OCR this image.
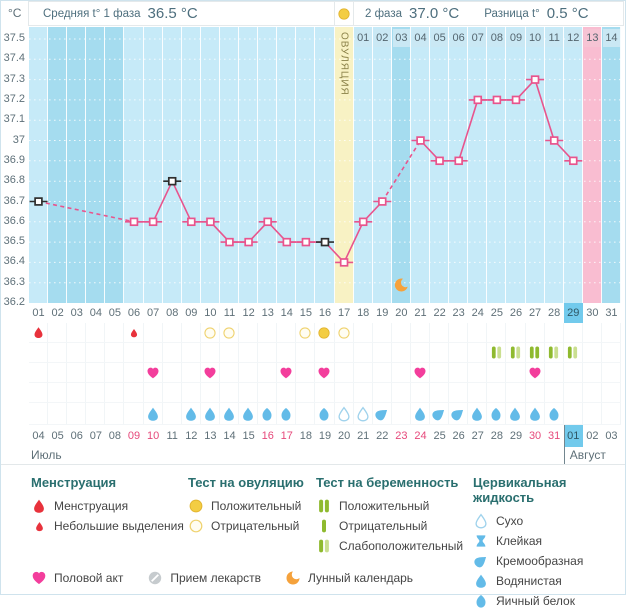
°C Средняя t° 1 фаза 36.5 °C	2 фаза 37.0 °C Разница t° 0.5 °C
37.5
37.4
37.3
37.2
37.1
37
36.9
36.8
36.7
36.6
36.5
36.4
36.3
36.2
01 02 03 04 05 06 07 08 09 10 11 12 13 14
ОВУЛЯЦИЯ
01 02 03 04 05 06 07 08 09 10 11 12 13 14 15 16 17 18 19 20 21 22 23 24 25 26 27 28 29 30 31
04 05 06 07 08 09 10 11 12 13 14 15 16 17 18 19 20 21 22 23 24 25 26 27 28 29 30 31 01 02 03
Июль	Август
Менструация
Менструация
Небольшие выделения
Тест на овуляцию
Положительный
Отрицательный
Тест на беременность
Положительный
Отрицательный
Слабоположительный
Цервикальная жидкость
Сухо
Клейкая
Кремообразная
Водянистая
Яичный белок
Половой акт	Прием лекарств	Лунный календарь
